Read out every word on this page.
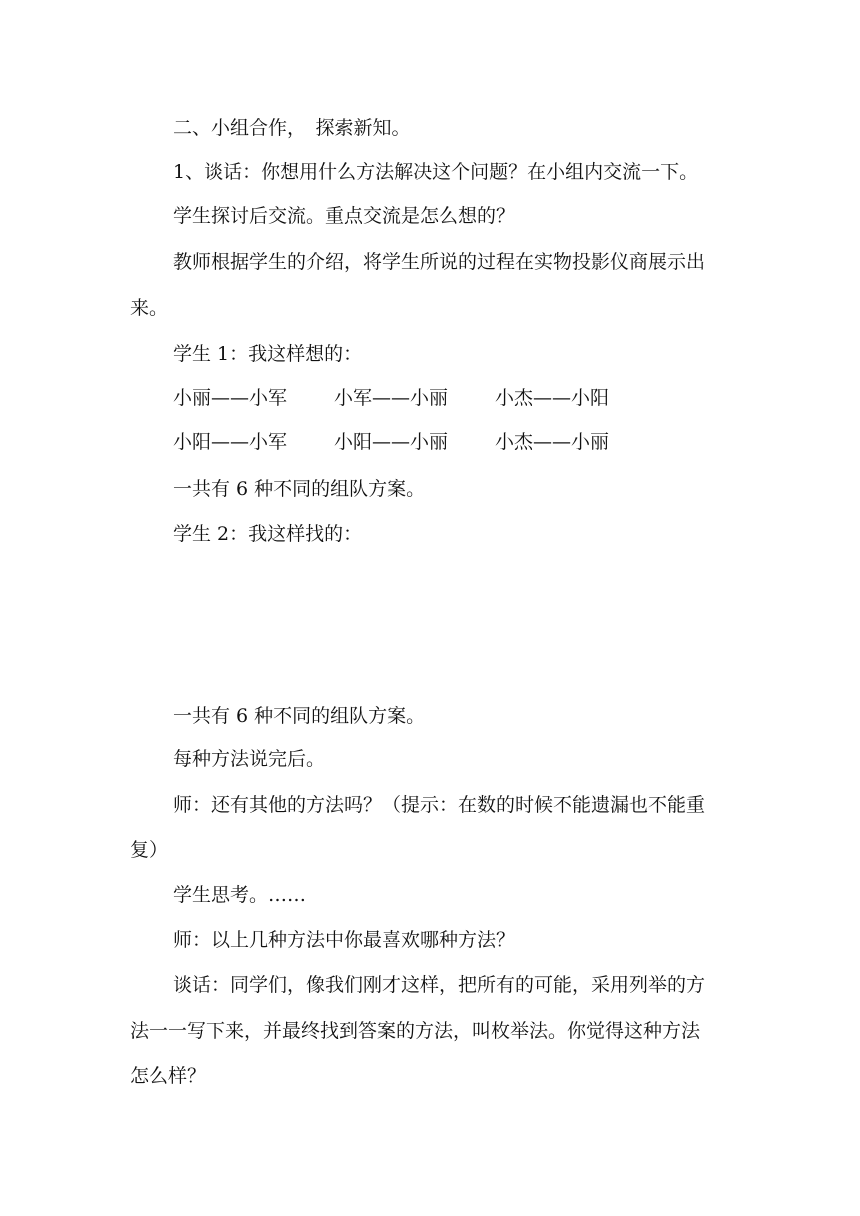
二、小组合作，　探索新知。
1、谈话：你想用什么方法解决这个问题？在小组内交流一下。
学生探讨后交流。重点交流是怎么想的？
教师根据学生的介绍，将学生所说的过程在实物投影仪商展示出
来。
学生 1：我这样想的：
小丽——小军 小军——小丽 小杰——小阳
小阳——小军 小阳——小丽 小杰——小丽
一共有 6 种不同的组队方案。
学生 2：我这样找的：
一共有 6 种不同的组队方案。
每种方法说完后。
师：还有其他的方法吗？（提示：在数的时候不能遗漏也不能重
复）
学生思考。……
师：以上几种方法中你最喜欢哪种方法？
谈话：同学们，像我们刚才这样，把所有的可能，采用列举的方
法一一写下来，并最终找到答案的方法，叫枚举法。你觉得这种方法
怎么样？
